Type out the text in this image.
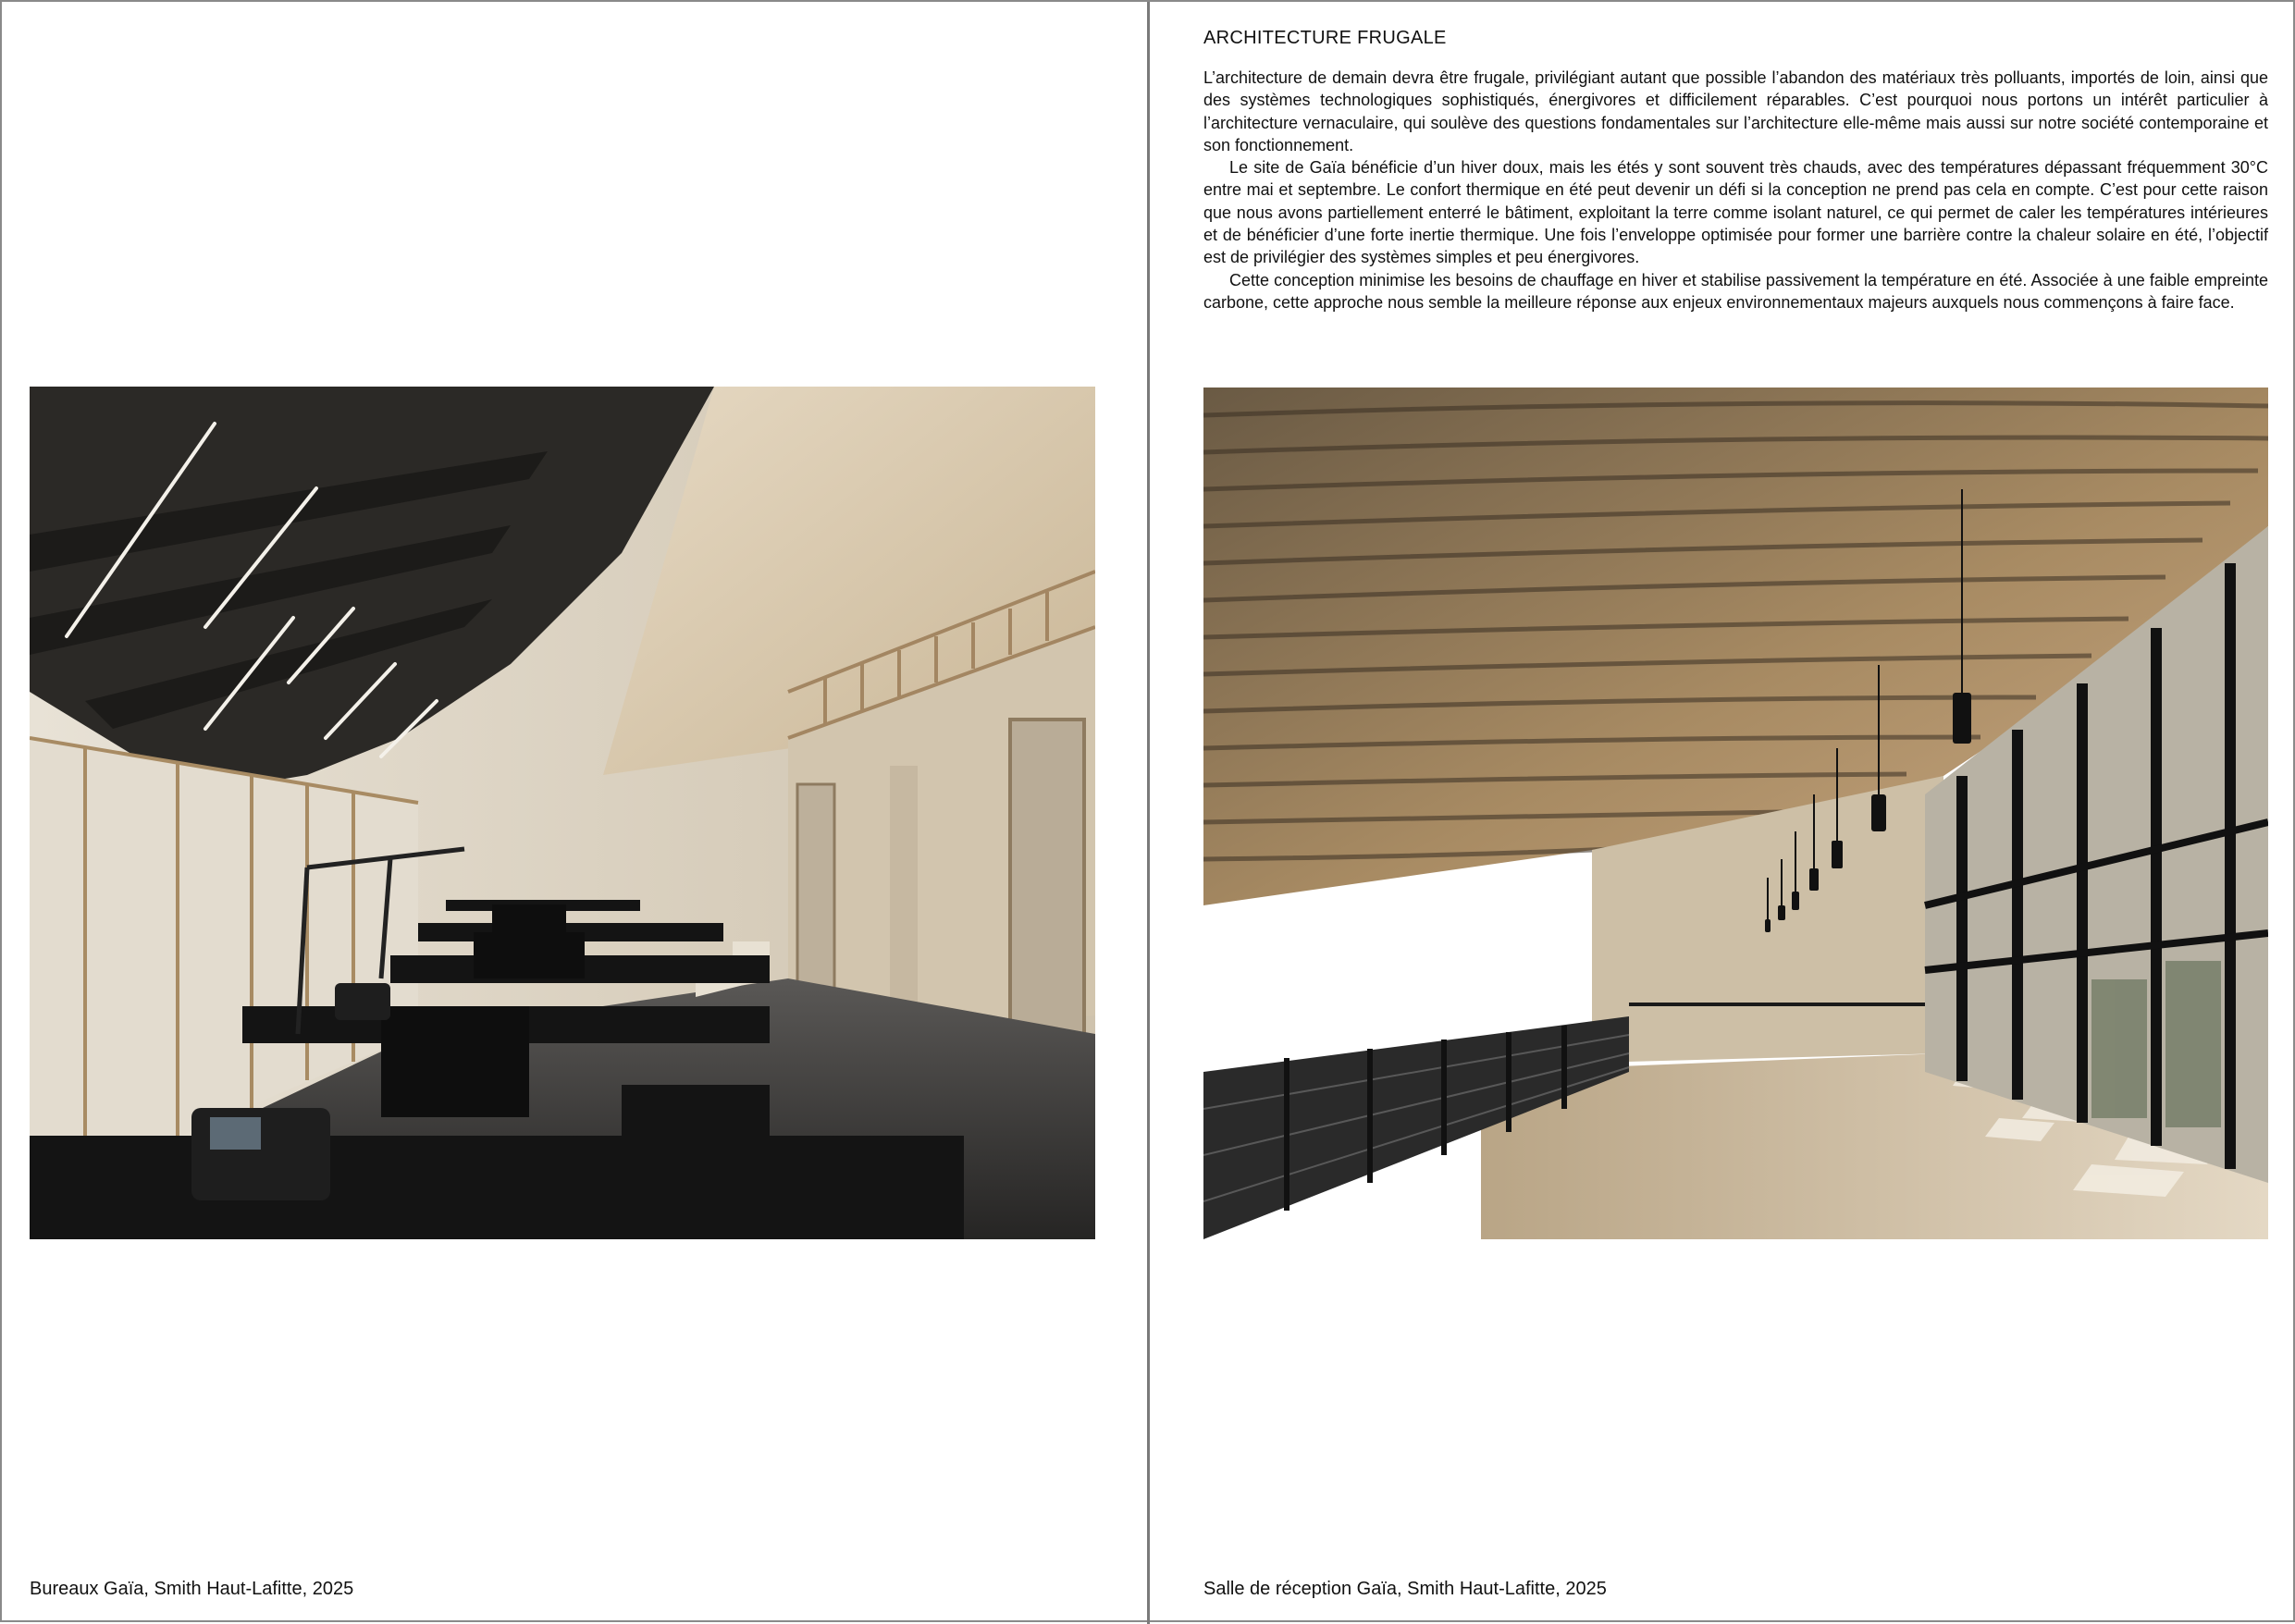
Bureaux Gaïa, Smith Haut-Lafitte, 2025
ARCHITECTURE FRUGALE

L’architecture de demain devra être frugale, privilégiant autant que possible l’abandon des matériaux très polluants, importés de loin, ainsi que des systèmes technologiques sophistiqués, énergivores et difficilement réparables. C’est pourquoi nous portons un intérêt particulier à l’architecture vernaculaire, qui soulève des questions fondamentales sur l’architecture elle-même mais aussi sur notre société contemporaine et son fonctionnement.

Le site de Gaïa bénéficie d’un hiver doux, mais les étés y sont souvent très chauds, avec des températures dépassant fréquemment 30°C entre mai et septembre. Le confort thermique en été peut devenir un défi si la conception ne prend pas cela en compte. C’est pour cette raison que nous avons partiellement enterré le bâtiment, exploitant la terre comme isolant naturel, ce qui permet de caler les températures intérieures et de bénéficier d’une forte inertie thermique. Une fois l’enveloppe optimisée pour former une barrière contre la chaleur solaire en été, l’objectif est de privilégier des systèmes simples et peu énergivores.

Cette conception minimise les besoins de chauffage en hiver et stabilise passivement la température en été. Associée à une faible empreinte carbone, cette approche nous semble la meilleure réponse aux enjeux environnementaux majeurs auxquels nous commençons à faire face.

Salle de réception Gaïa, Smith Haut-Lafitte, 2025
